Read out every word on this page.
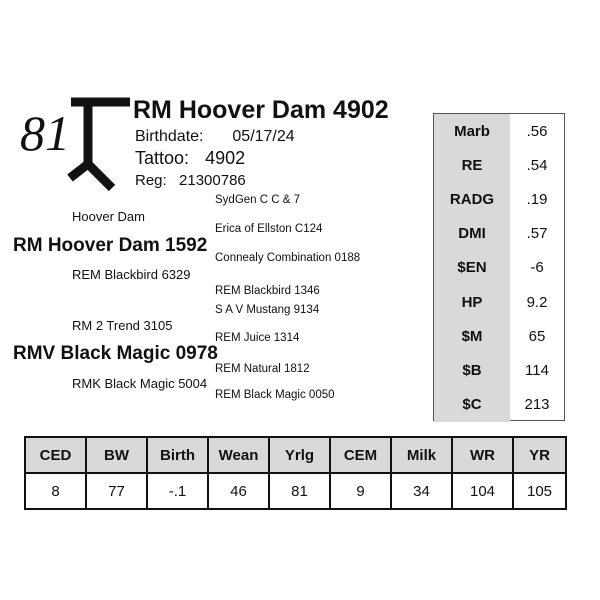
81	RM Hoover Dam 4902
Birthdate: 05/17/24
Tattoo: 4902
Reg: 21300786
SydGen C C & 7
Hoover Dam
Erica of Ellston C124
RM Hoover Dam 1592
Connealy Combination 0188
REM Blackbird 6329
REM Blackbird 1346
S A V Mustang 9134
RM 2 Trend 3105
REM Juice 1314
RMV Black Magic 0978
REM Natural 1812
RMK Black Magic 5004
REM Black Magic 0050
Marb	.56
RE	.54
RADG	.19
DMI	.57
$EN	-6
HP	9.2
$M	65
$B	114
$C	213
CED	BW	Birth	Wean	Yrlg	CEM	Milk	WR	YR
8	77	-.1	46	81	9	34	104	105
